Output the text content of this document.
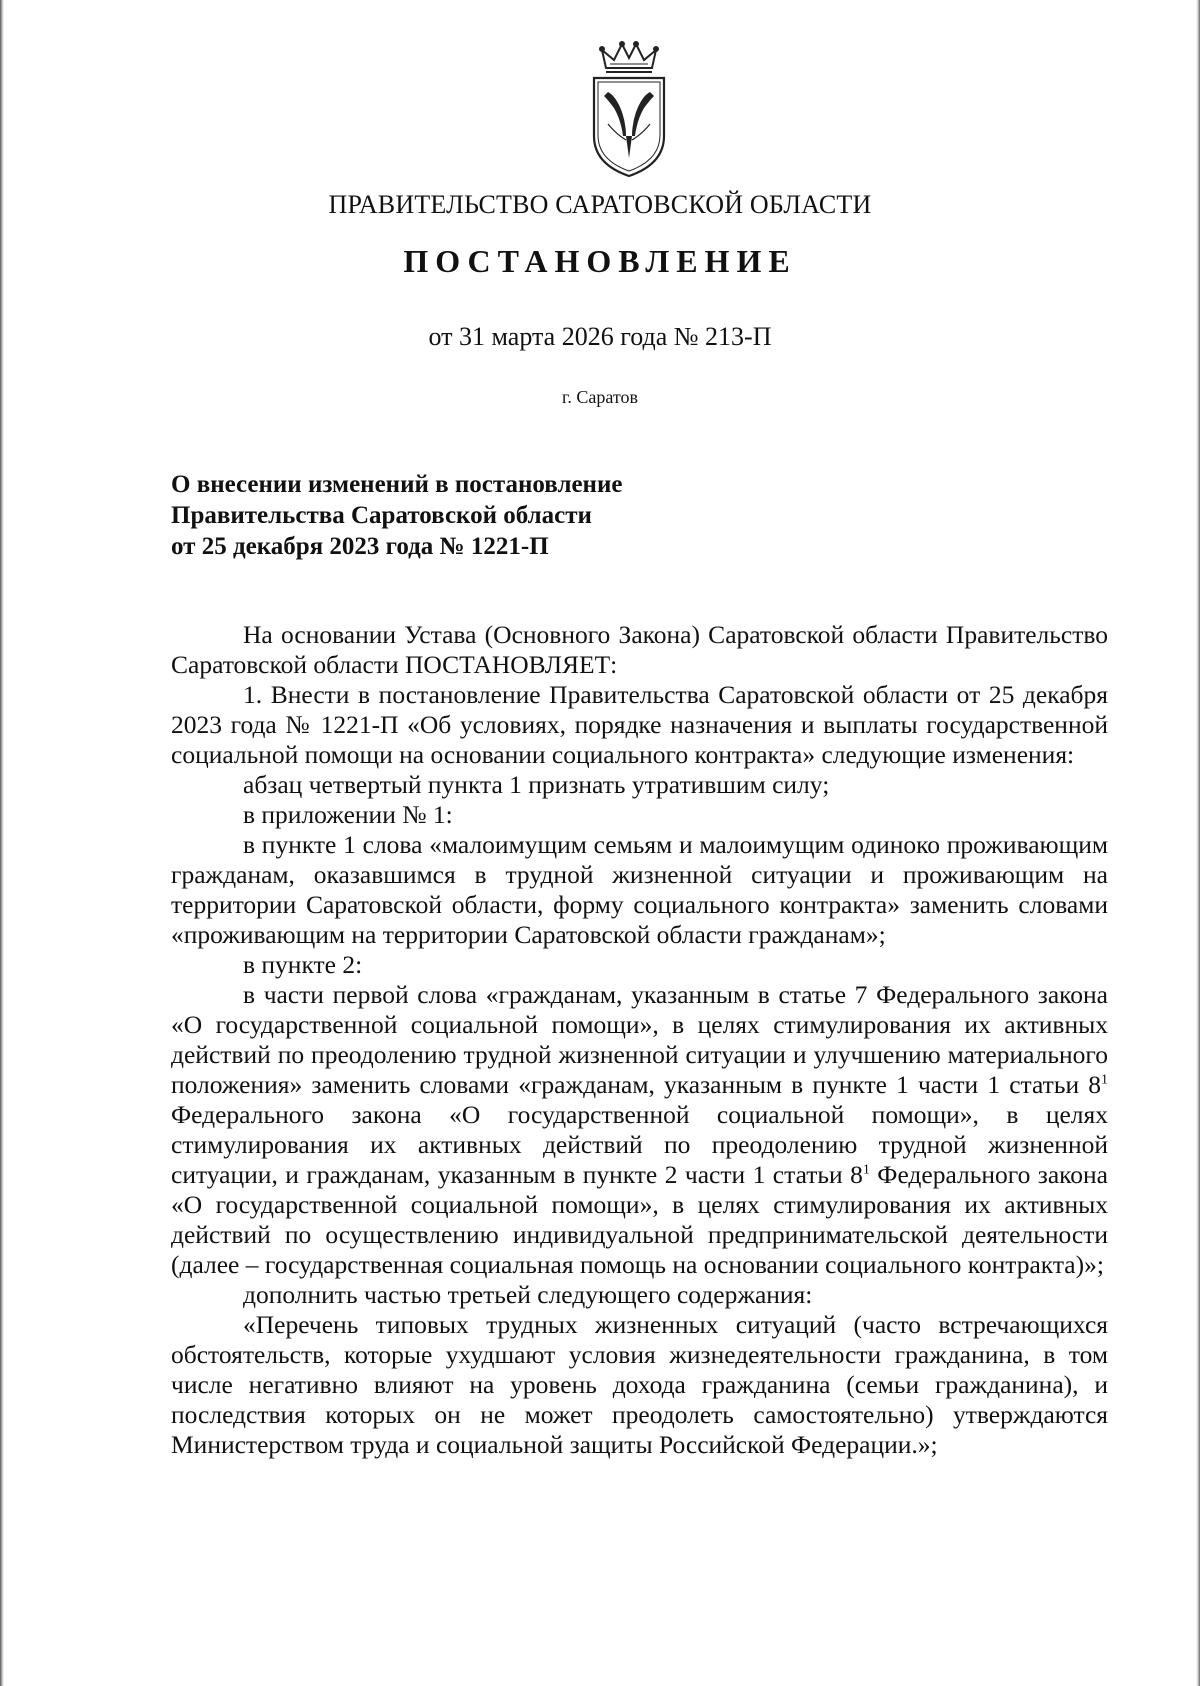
ПРАВИТЕЛЬСТВО САРАТОВСКОЙ ОБЛАСТИ
ПОСТАНОВЛЕНИЕ
от 31 марта 2026 года № 213-П
г. Саратов
О внесении изменений в постановление
Правительства Саратовской области
от 25 декабря 2023 года № 1221-П

На основании Устава (Основного Закона) Саратовской области Правительство Саратовской области ПОСТАНОВЛЯЕТ:

1. Внести в постановление Правительства Саратовской области от 25 декабря 2023 года № 1221-П «Об условиях, порядке назначения и выплаты государственной социальной помощи на основании социального контракта» следующие изменения:

абзац четвертый пункта 1 признать утратившим силу;

в приложении № 1:

в пункте 1 слова «малоимущим семьям и малоимущим одиноко проживающим гражданам, оказавшимся в трудной жизненной ситуации и проживающим на территории Саратовской области, форму социального контракта» заменить словами «проживающим на территории Саратовской области гражданам»;

в пункте 2:

в части первой слова «гражданам, указанным в статье 7 Федерального закона «О государственной социальной помощи», в целях стимулирования их активных действий по преодолению трудной жизненной ситуации и улучшению материального положения» заменить словами «гражданам, указанным в пункте 1 части 1 статьи $8^1$ Федерального закона «О государственной социальной помощи», в целях стимулирования их активных действий по преодолению трудной жизненной ситуации, и гражданам, указанным в пункте 2 части 1 статьи $8^1$ Федерального закона «О государственной социальной помощи», в целях стимулирования их активных действий по осуществлению индивидуальной предпринимательской деятельности (далее – государственная социальная помощь на основании социального контракта)»;

дополнить частью третьей следующего содержания:

«Перечень типовых трудных жизненных ситуаций (часто встречающихся обстоятельств, которые ухудшают условия жизнедеятельности гражданина, в том числе негативно влияют на уровень дохода гражданина (семьи гражданина), и последствия которых он не может преодолеть самостоятельно) утверждаются Министерством труда и социальной защиты Российской Федерации.»;
